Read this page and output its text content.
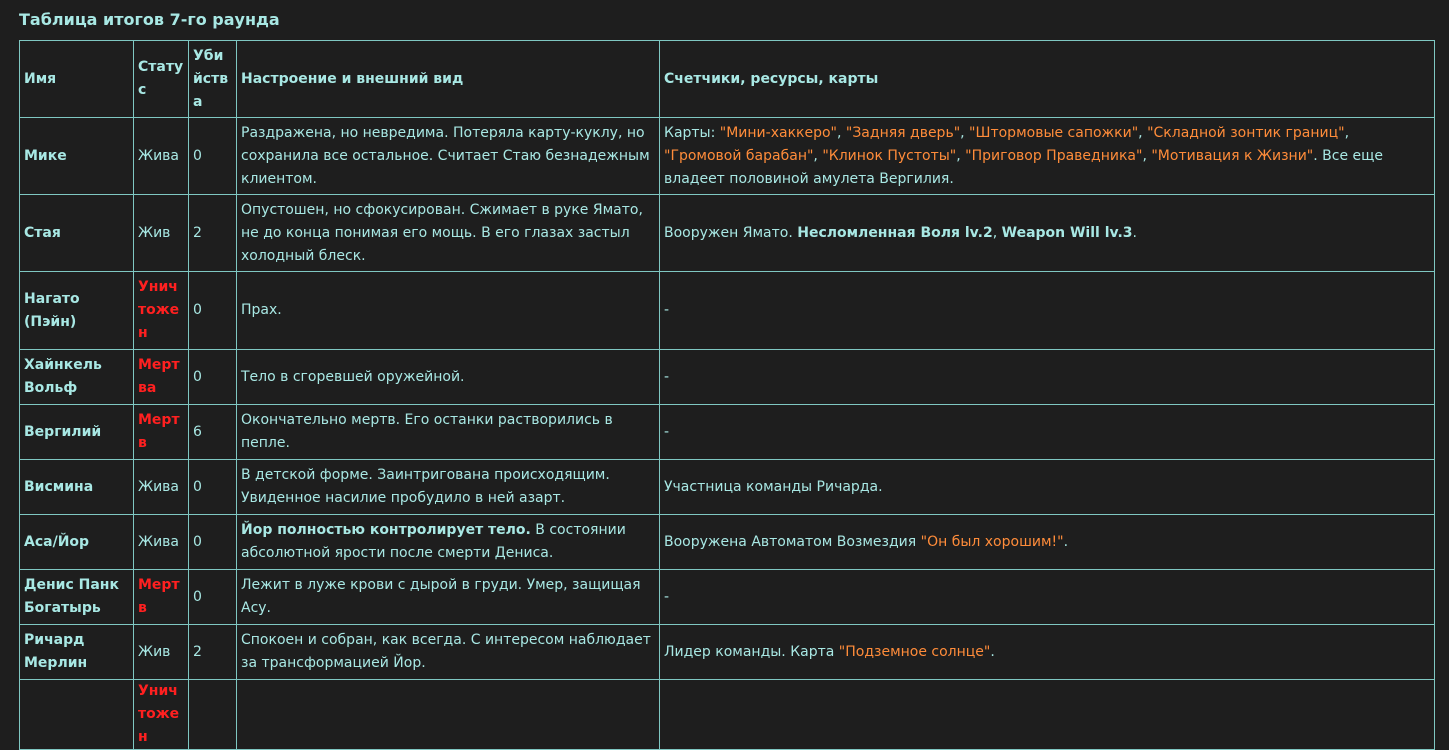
Таблица итогов 7-го раунда
Имя	Статус	Убийства	Настроение и внешний вид	Счетчики, ресурсы, карты
Мике	Жива	0	Раздражена, но невредима. Потеряла карту-куклу, но сохранила все остальное. Считает Стаю безнадежным клиентом.	Карты: "Мини-хаккеро", "Задняя дверь", "Штормовые сапожки", "Складной зонтик границ", "Громовой барабан", "Клинок Пустоты", "Приговор Праведника", "Мотивация к Жизни". Все еще владеет половиной амулета Вергилия.
Стая	Жив	2	Опустошен, но сфокусирован. Сжимает в руке Ямато, не до конца понимая его мощь. В его глазах застыл холодный блеск.	Вооружен Ямато. Несломленная Воля lv.2, Weapon Will lv.3.
Нагато (Пэйн)	Уничтожен	0	Прах.	-
Хайнкель Вольф	Мертва	0	Тело в сгоревшей оружейной.	-
Вергилий	Мертв	6	Окончательно мертв. Его останки растворились в пепле.	-
Висмина	Жива	0	В детской форме. Заинтригована происходящим. Увиденное насилие пробудило в ней азарт.	Участница команды Ричарда.
Аса/Йор	Жива	0	Йор полностью контролирует тело. В состоянии абсолютной ярости после смерти Дениса.	Вооружена Автоматом Возмездия "Он был хорошим!".
Денис Панк Богатырь	Мертв	0	Лежит в луже крови с дырой в груди. Умер, защищая Асу.	-
Ричард Мерлин	Жив	2	Спокоен и собран, как всегда. С интересом наблюдает за трансформацией Йор.	Лидер команды. Карта "Подземное солнце".
	Уничтожен			
